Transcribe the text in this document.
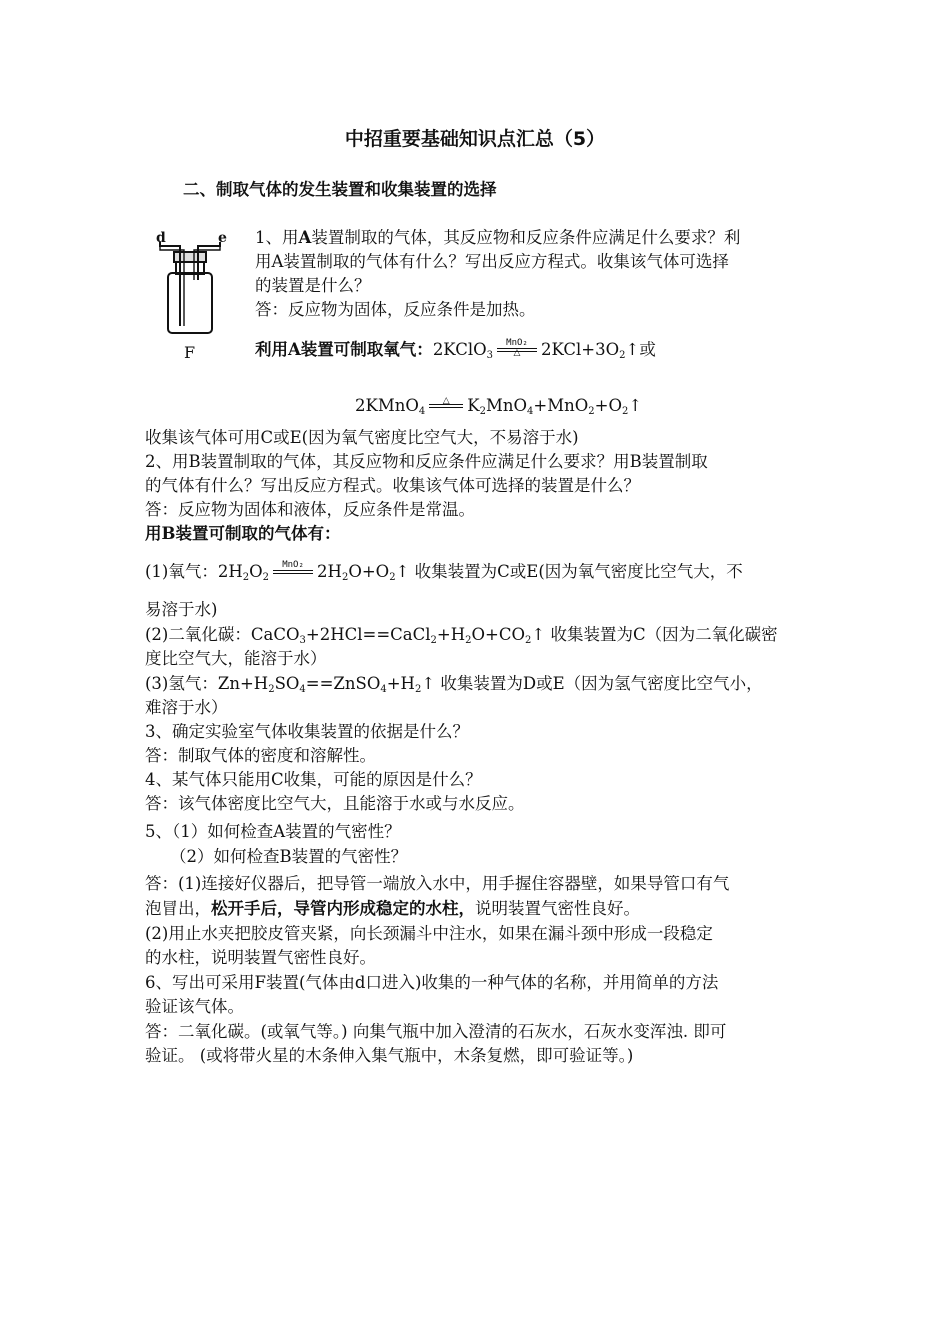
中招重要基础知识点汇总（5）
二、制取气体的发生装置和收集装置的选择
d	e
F
1、用A装置制取的气体，其反应物和反应条件应满足什么要求？利
用A装置制取的气体有什么？写出反应方程式。收集该气体可选择
的装置是什么？
答：反应物为固体，反应条件是加热。
利用A装置可制取氧气：2KClO$_3$
MnO₂
△	$2KCl+3O_2↑$或
2KMnO$_4$
△	$K_2MnO_4+MnO_2+O_2↑$
收集该气体可用C或E(因为氧气密度比空气大，不易溶于水)
2、用B装置制取的气体，其反应物和反应条件应满足什么要求？用B装置制取
的气体有什么？写出反应方程式。收集该气体可选择的装置是什么？
答：反应物为固体和液体，反应条件是常温。
用B装置可制取的气体有：
(1)氧气：$2H_2O_2$
MnO₂ $2H_2O+O_2↑$ 收集装置为C或E(因为氧气密度比空气大，不
易溶于水)
(2)二氧化碳：$CaCO_3+2HCl==CaCl_2+H_2O+CO_2↑$ 收集装置为C（因为二氧化碳密
度比空气大，能溶于水）
(3)氢气：$Zn+H_2SO_4==ZnSO_4+H_2↑$ 收集装置为D或E（因为氢气密度比空气小，
难溶于水）
3、确定实验室气体收集装置的依据是什么？
答：制取气体的密度和溶解性。
4、某气体只能用C收集，可能的原因是什么？
答：该气体密度比空气大，且能溶于水或与水反应。
5、（1）如何检查A装置的气密性？
（2）如何检查B装置的气密性？
答：(1)连接好仪器后，把导管一端放入水中，用手握住容器壁，如果导管口有气
泡冒出，松开手后，导管内形成稳定的水柱，说明装置气密性良好。
(2)用止水夹把胶皮管夹紧，向长颈漏斗中注水，如果在漏斗颈中形成一段稳定
的水柱，说明装置气密性良好。
6、写出可采用F装置(气体由d口进入)收集的一种气体的名称，并用简单的方法
验证该气体。
答：二氧化碳。(或氧气等。) 向集气瓶中加入澄清的石灰水，石灰水变浑浊. 即可
验证。 (或将带火星的木条伸入集气瓶中，木条复燃，即可验证等。)
